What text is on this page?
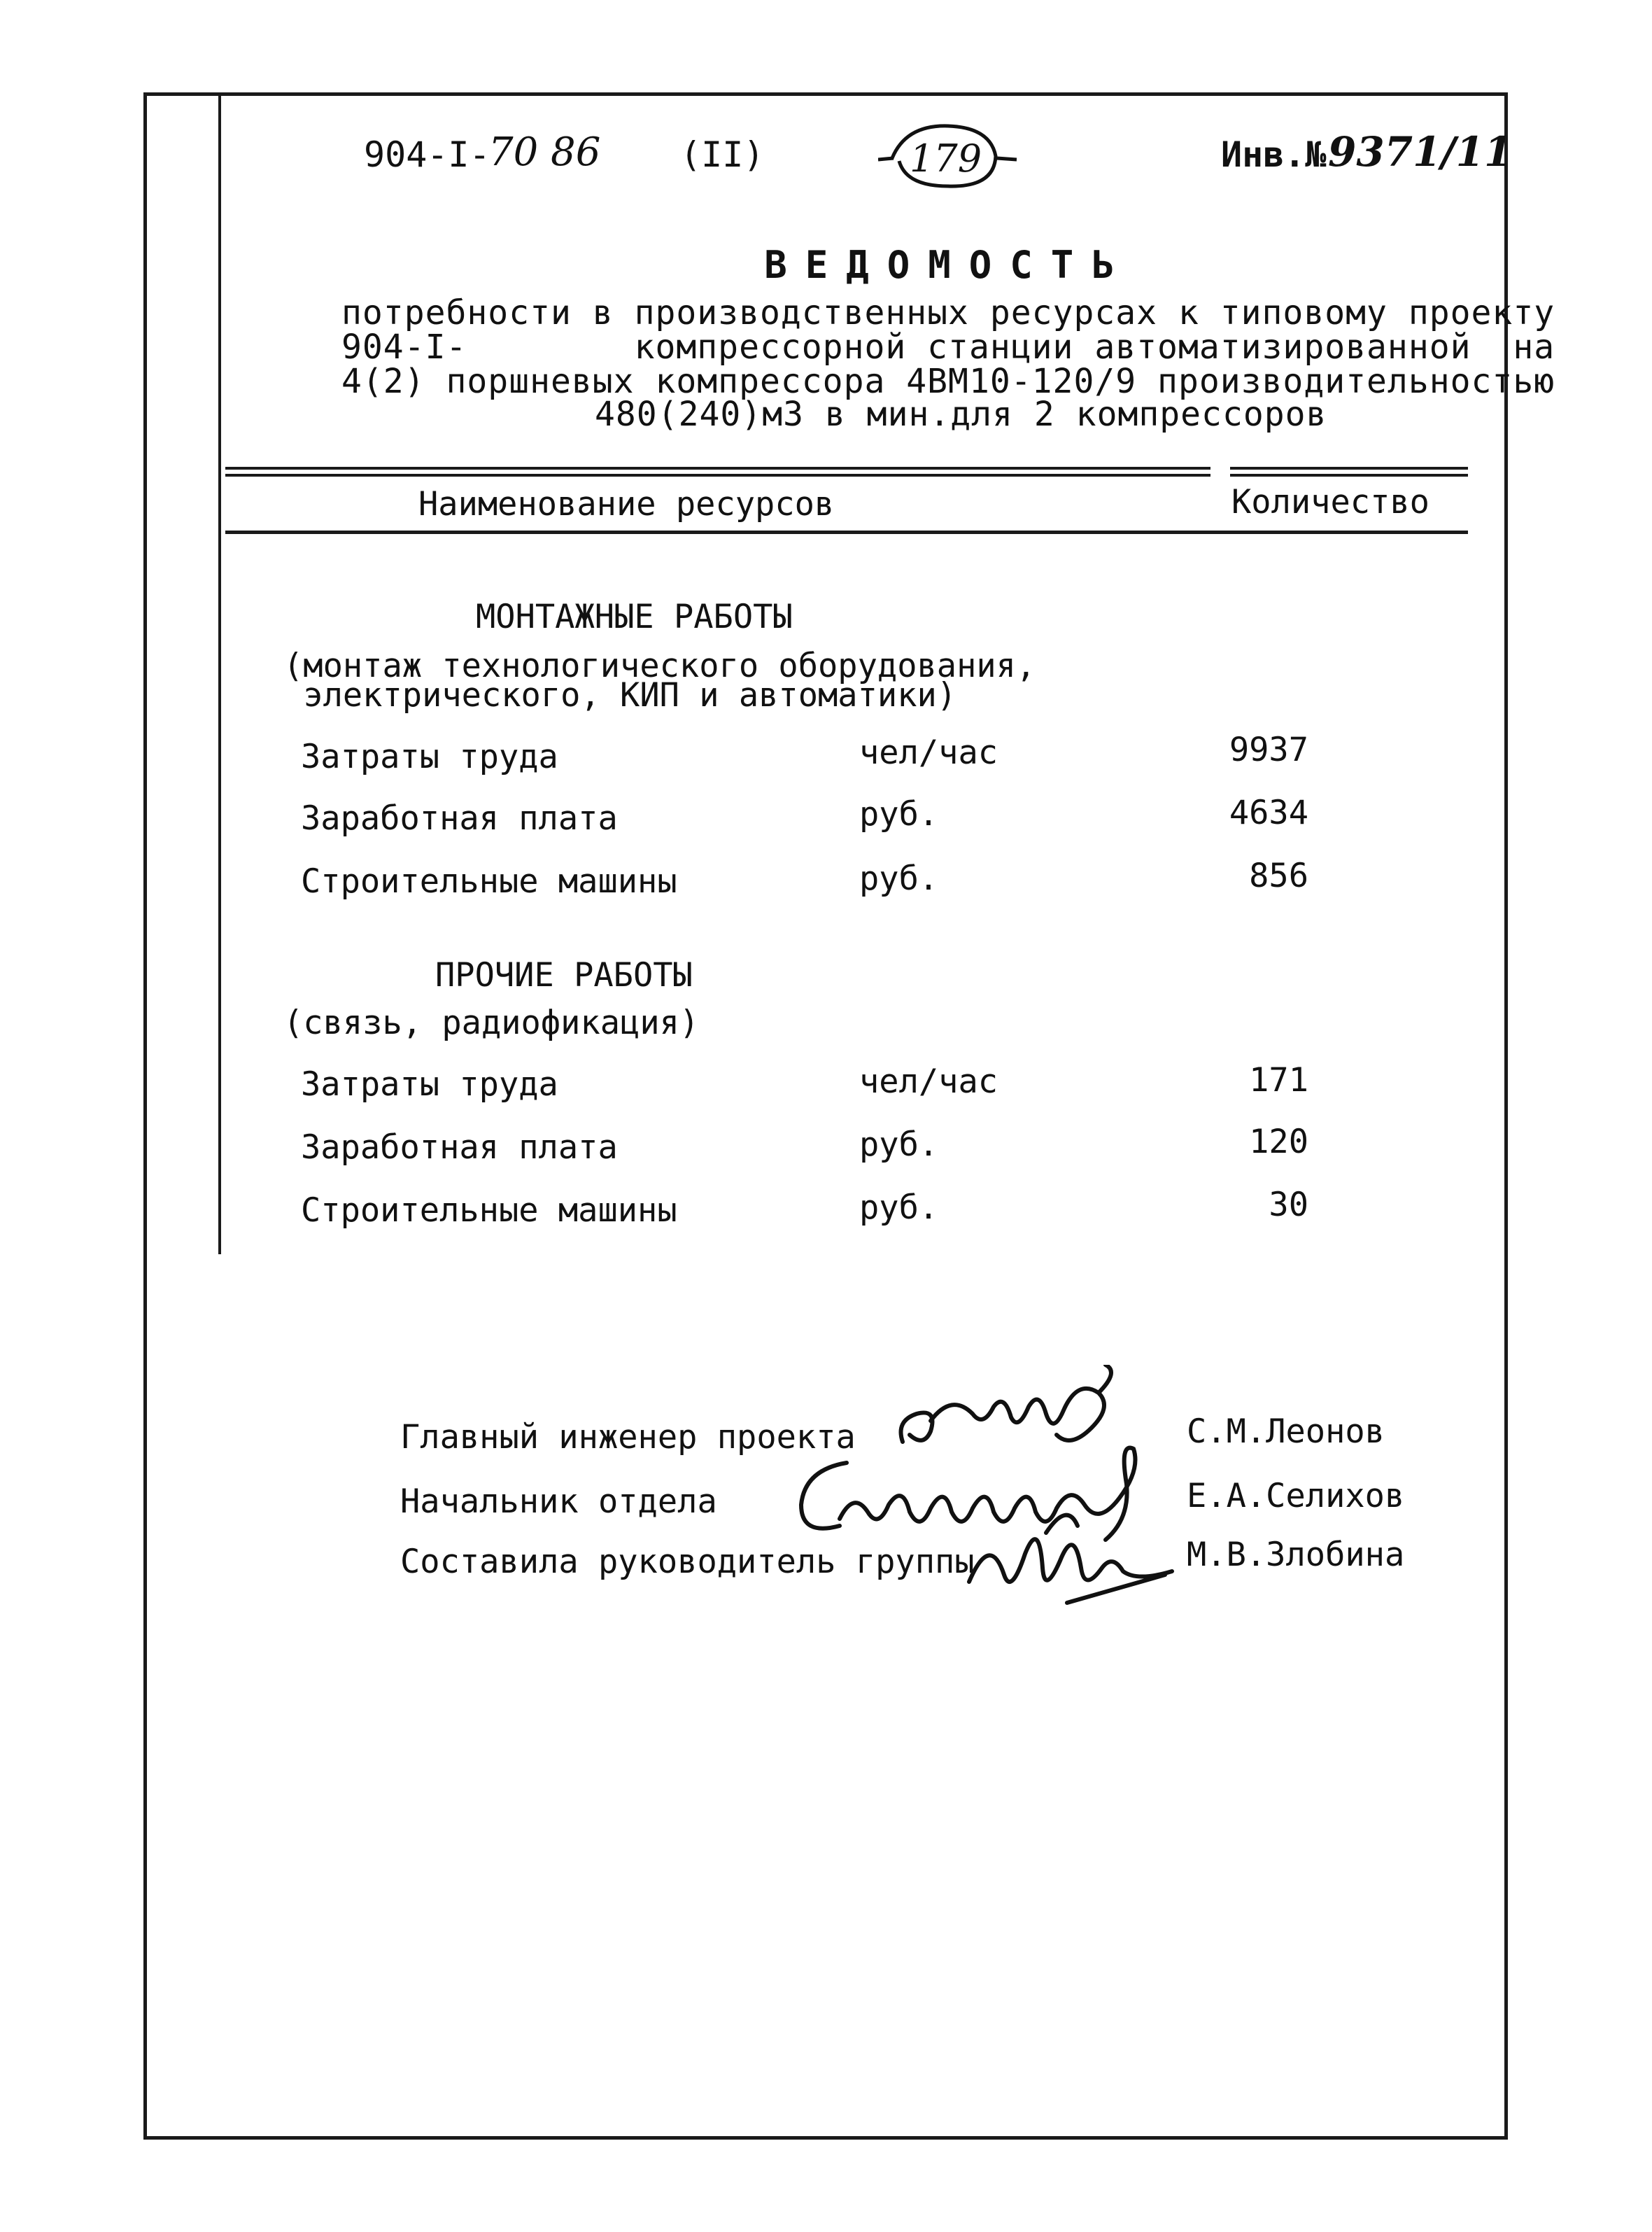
904-I-
70 86 (II)	179	Инв.№ 9371/11
ВЕДОМОСТЬ
потребности в производственных ресурсах к типовому проекту
904-I-        компрессорной станции автоматизированной  на
4(2) поршневых компрессора 4ВМ10-120/9 производительностью
480(240)м3 в мин.для 2 компрессоров
Наименование ресурсов	Количество
МОНТАЖНЫЕ РАБОТЫ
(монтаж технологического оборудования,
электрического, КИП и автоматики)
Затраты труда	чел/час	9937
Заработная плата	руб.	4634
Строительные машины	руб.	856
ПРОЧИЕ РАБОТЫ
(связь, радиофикация)
Затраты труда	чел/час	171
Заработная плата	руб.	120
Строительные машины	руб.	30
Главный инженер проекта	С.М.Леонов
Начальник отдела	Е.А.Селихов
Составила руководитель группы	М.В.Злобина
